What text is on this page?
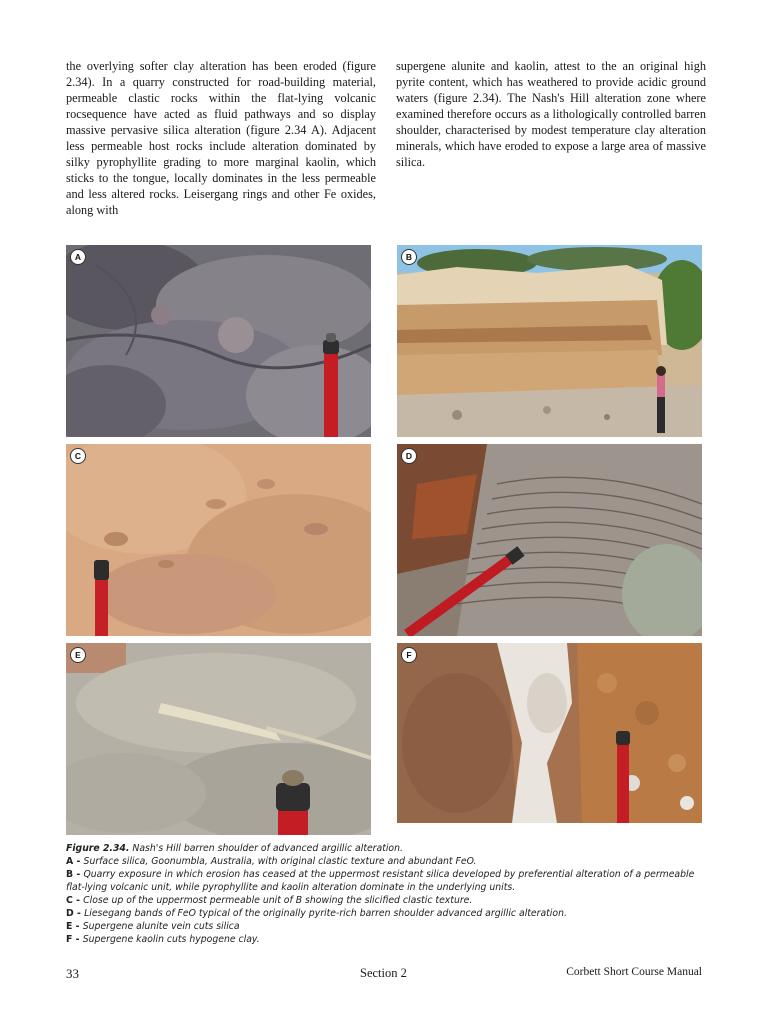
the overlying softer clay alteration has been eroded (figure 2.34). In a quarry constructed for road-building material, permeable clastic rocks within the flat-lying volcanic rocsequence have acted as fluid pathways and so display massive pervasive silica alteration (figure 2.34 A). Adjacent less permeable host rocks include alteration dominated by silky pyrophyllite grading to more marginal kaolin, which sticks to the tongue, locally dominates in the less permeable and less altered rocks. Leisergang rings and other Fe oxides, along with

supergene alunite and kaolin, attest to the an original high pyrite content, which has weathered to provide acidic ground waters (figure 2.34). The Nash's Hill alteration zone where examined therefore occurs as a lithologically controlled barren shoulder, characterised by modest temperature clay alteration minerals, which have eroded to expose a large area of massive silica.

A	B
C	D
E	F
Figure 2.34. Nash's Hill barren shoulder of advanced argillic alteration.
A - Surface silica, Goonumbla, Australia, with original clastic texture and abundant FeO.
B - Quarry exposure in which erosion has ceased at the uppermost resistant silica developed by preferential alteration of a permeable flat-lying volcanic unit, while pyrophyllite and kaolin alteration dominate in the underlying units.
C - Close up of the uppermost permeable unit of B showing the slicified clastic texture.
D - Liesegang bands of FeO typical of the originally pyrite-rich barren shoulder advanced argillic alteration.
E - Supergene alunite vein cuts silica
F - Supergene kaolin cuts hypogene clay.
33	Section 2	Corbett Short Course Manual
